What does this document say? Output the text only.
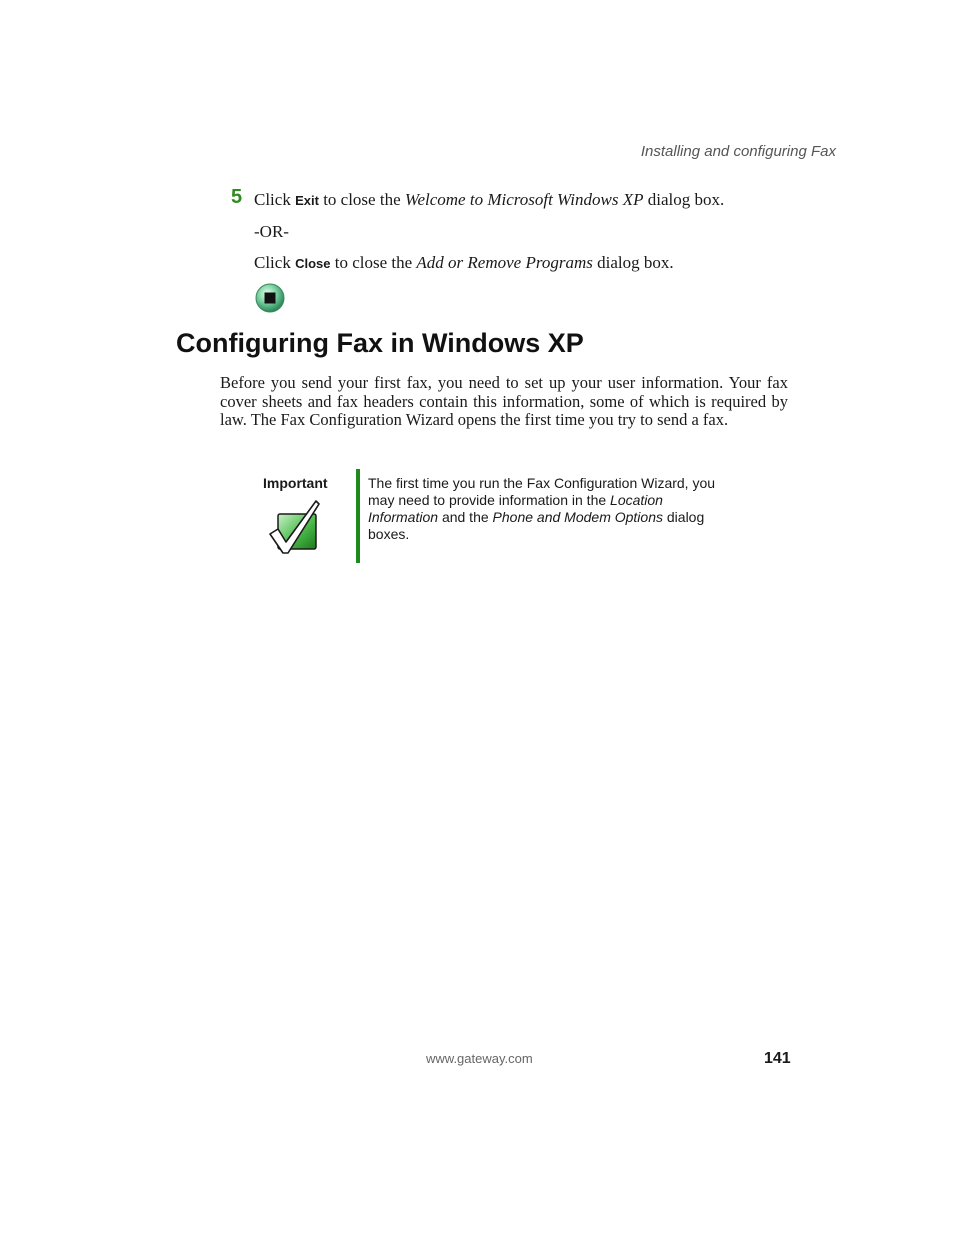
Installing and configuring Fax
5 Click Exit to close the Welcome to Microsoft Windows XP dialog box.
-OR-
Click Close to close the Add or Remove Programs dialog box.
Configuring Fax in Windows XP
Before you send your first fax, you need to set up your user information. Your fax cover sheets and fax headers contain this information, some of which is required by law. The Fax Configuration Wizard opens the first time you try to send a fax.
Important	The first time you run the Fax Configuration Wizard, you may need to provide information in the Location Information and the Phone and Modem Options dialog boxes.
www.gateway.com	141
